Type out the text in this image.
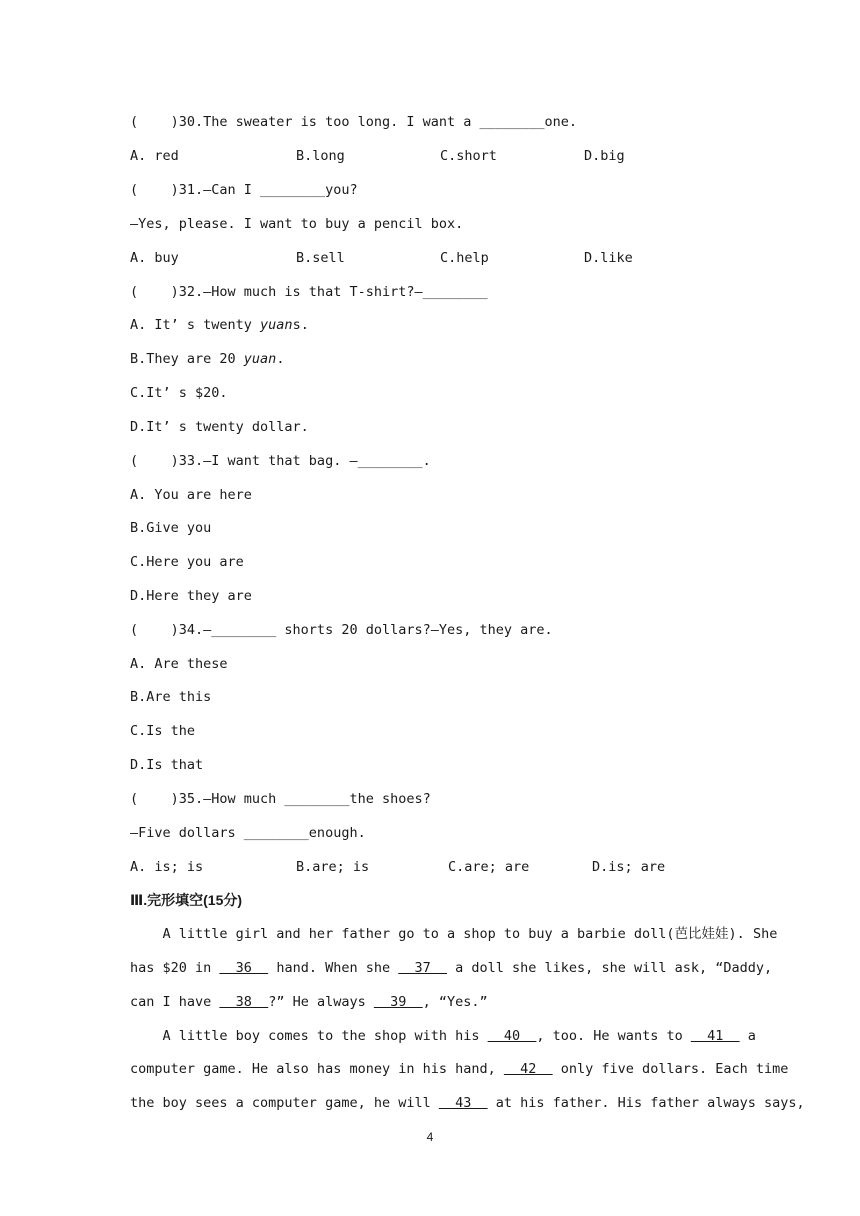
(    )30.The sweater is too long. I want a ________one.

A. red

	B.long

	C.short

	D.big

(    )31.—Can I ________you?
—Yes, please. I want to buy a pencil box.

A. buy

	B.sell

	C.help

	D.like

(    )32.—How much is that T-shirt?—________
A. It’ s twenty yuans.
B.They are 20 yuan.
C.It’ s $20.
D.It’ s twenty dollar.
(    )33.—I want that bag. —________.
A. You are here
B.Give you
C.Here you are
D.Here they are
(    )34.—________ shorts 20 dollars?—Yes, they are.
A. Are these
B.Are this
C.Is the
D.Is that
(    )35.—How much ________the shoes?
—Five dollars ________enough.

A. is; is

	B.are; is

	C.are; are

	D.is; are

Ⅲ.完形填空(15分)
A little girl and her father go to a shop to buy a barbie doll(芭比娃娃). She
has $20 in   36   hand. When she   37   a doll she likes, she will ask, “Daddy,
can I have   38  ?” He always   39  , “Yes.”
A little boy comes to the shop with his   40  , too. He wants to   41   a
computer game. He also has money in his hand,   42   only five dollars. Each time
the boy sees a computer game, he will   43   at his father. His father always says,
4
